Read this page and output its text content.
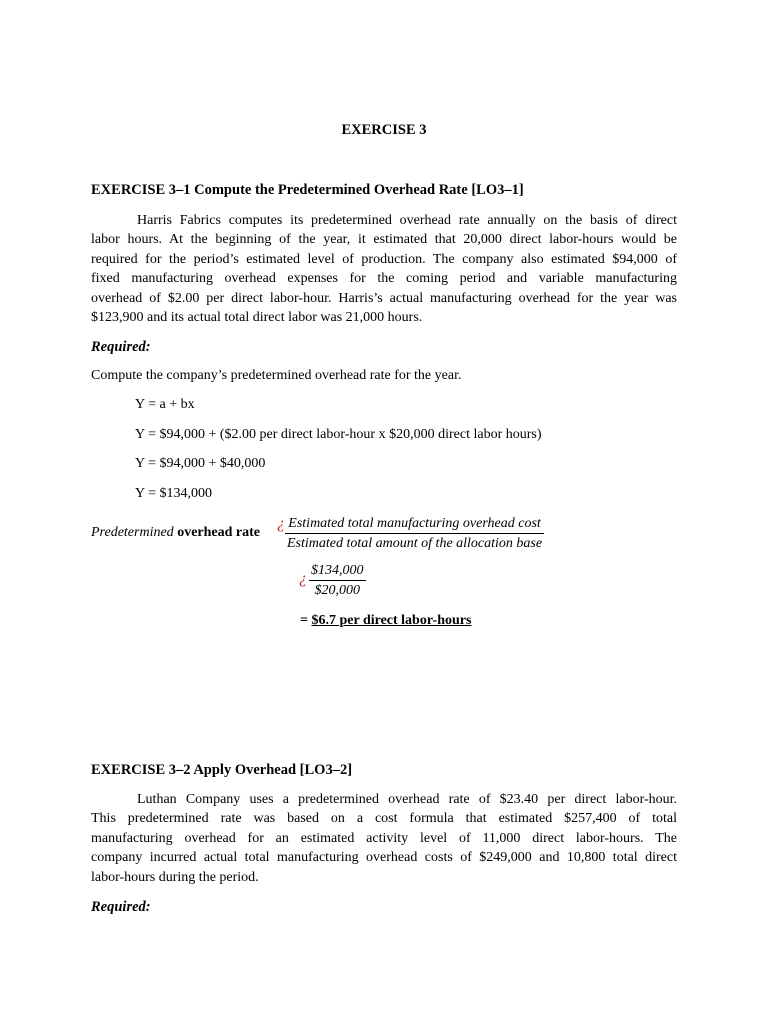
EXERCISE 3
EXERCISE 3–1 Compute the Predetermined Overhead Rate [LO3–1]
Harris Fabrics computes its predetermined overhead rate annually on the basis of direct
labor hours. At the beginning of the year, it estimated that 20,000 direct labor-hours would be
required for the period’s estimated level of production. The company also estimated $94,000 of
fixed manufacturing overhead expenses for the coming period and variable manufacturing
overhead of $2.00 per direct labor-hour. Harris’s actual manufacturing overhead for the year was
$123,900 and its actual total direct labor was 21,000 hours.
Required:
Compute the company’s predetermined overhead rate for the year.
Y = a + bx
Y = $94,000 + ($2.00 per direct labor-hour x $20,000 direct labor hours)
Y = $94,000 + $40,000
Y = $134,000
Predetermined overhead rate
¿ Estimated total manufacturing overhead cost
Estimated total amount of the allocation base
¿ $\frac{\$134,000}{\$20,000}$
= $6.7 per direct labor-hours
EXERCISE 3–2 Apply Overhead [LO3–2]
Luthan Company uses a predetermined overhead rate of $23.40 per direct labor-hour.
This predetermined rate was based on a cost formula that estimated $257,400 of total
manufacturing overhead for an estimated activity level of 11,000 direct labor-hours. The
company incurred actual total manufacturing overhead costs of $249,000 and 10,800 total direct
labor-hours during the period.
Required:
